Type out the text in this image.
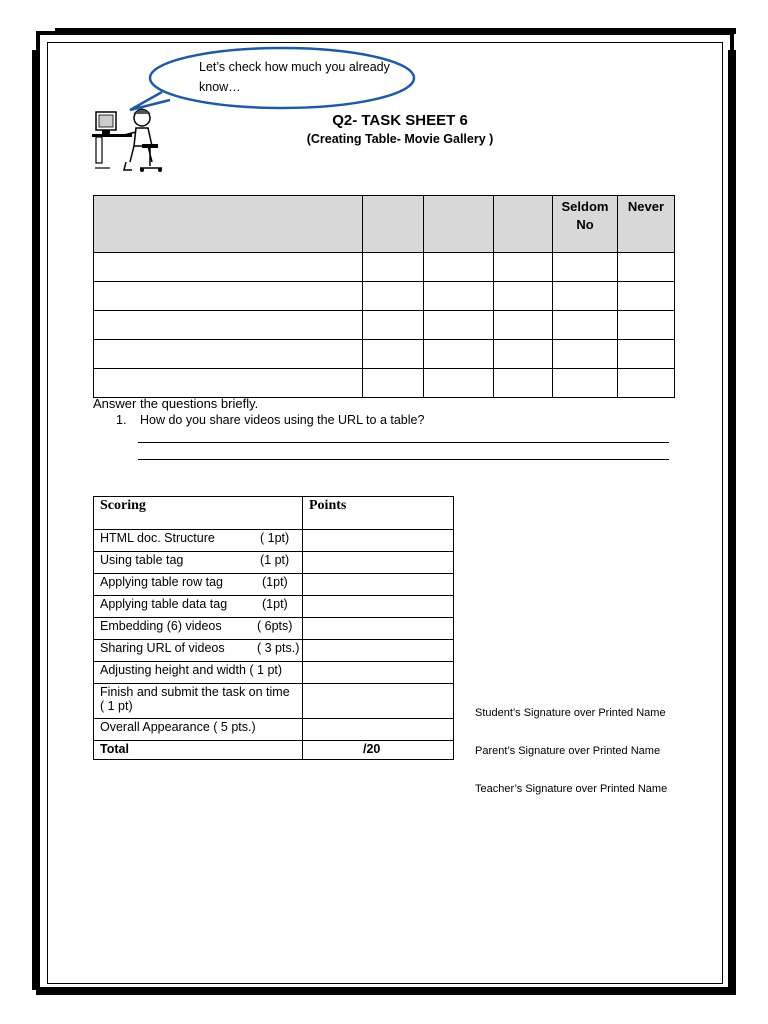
Let’s check how much you already know…
Q2- TASK SHEET 6
(Creating Table- Movie Gallery )
				Seldom No	Never

Answer the questions briefly.
1. How do you share videos using the URL to a table?
Scoring	Points
HTML doc. Structure ( 1pt)	

Using table tag (1 pt)	

Applying table row tag (1pt)	

Applying table data tag (1pt)	

Embedding (6) videos ( 6pts)	

Sharing URL of videos ( 3 pts.)	

Adjusting height and width ( 1 pt)	
Finish and submit the task on time ( 1 pt)	
Overall Appearance ( 5 pts.)	
Total	/20
Student’s Signature over Printed Name
Parent’s Signature over Printed Name
Teacher’s Signature over Printed Name
